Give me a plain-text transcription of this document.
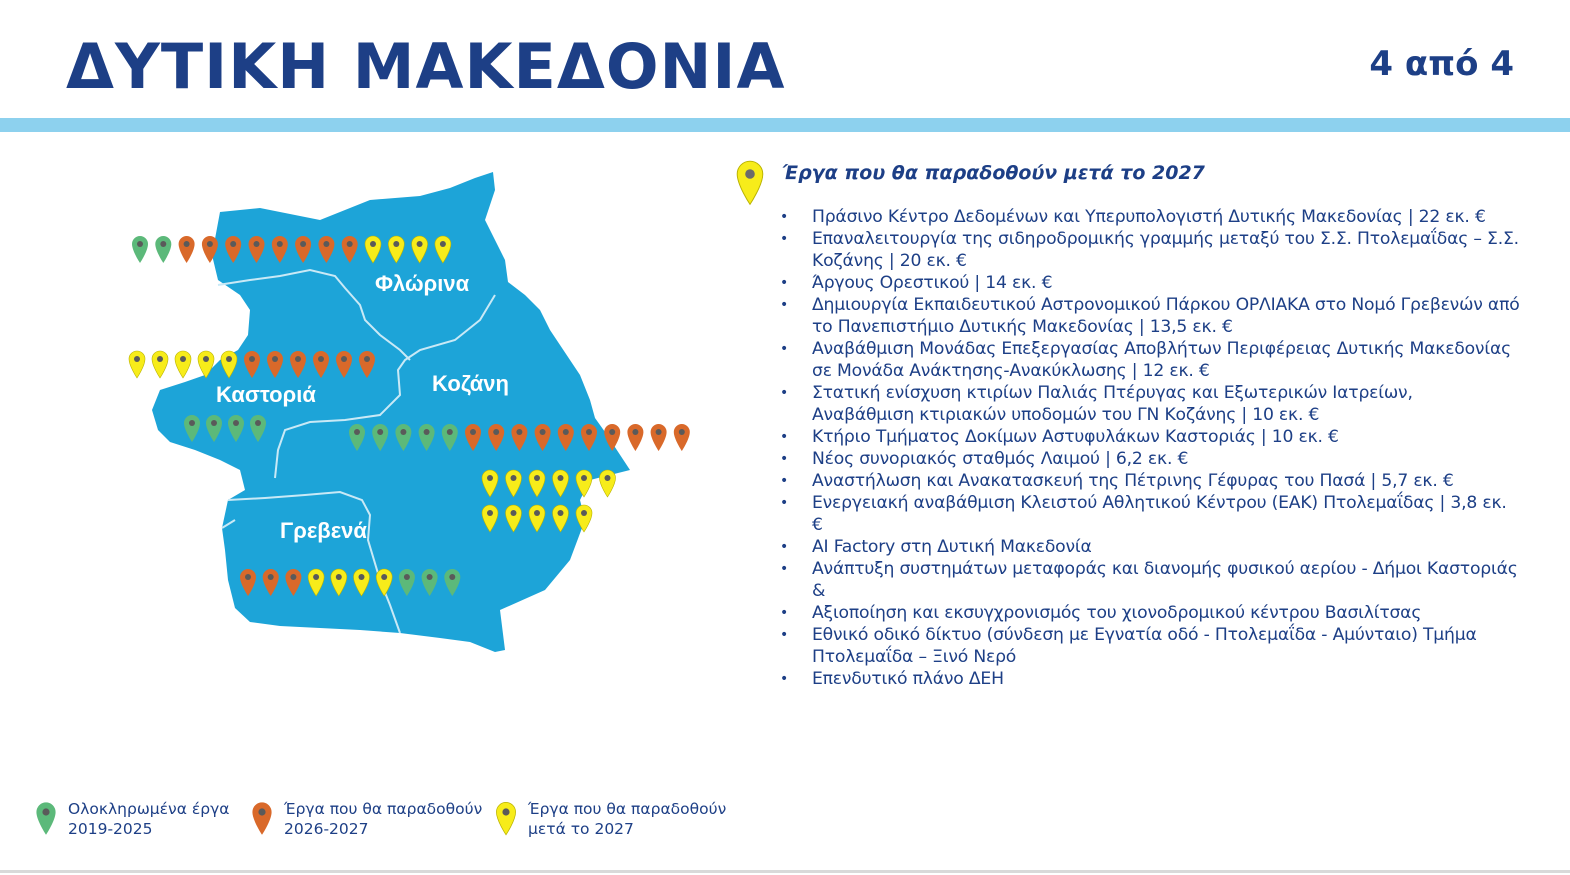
ΔΥΤΙΚΗ ΜΑΚΕΔΟΝΙΑ	4 από 4
Φλώρινα
Καστοριά	Κοζάνη
Γρεβενά
Έργα που θα παραδοθούν μετά το 2027
• Πράσινο Κέντρο Δεδομένων και Υπερυπολογιστή Δυτικής Μακεδονίας | 22 εκ. €
• Επαναλειτουργία της σιδηροδρομικής γραμμής μεταξύ του Σ.Σ. Πτολεμαΐδας – Σ.Σ. Κοζάνης | 20 εκ. €
• Άργους Ορεστικού | 14 εκ. €
• Δημιουργία Εκπαιδευτικού Αστρονομικού Πάρκου ΟΡΛΙΑΚΑ στο Νομό Γρεβενών από το Πανεπιστήμιο Δυτικής Μακεδονίας | 13,5 εκ. €
• Αναβάθμιση Μονάδας Επεξεργασίας Αποβλήτων Περιφέρειας Δυτικής Μακεδονίας σε Μονάδα Ανάκτησης-Ανακύκλωσης | 12 εκ. €
• Στατική ενίσχυση κτιρίων Παλιάς Πτέρυγας και Εξωτερικών Ιατρείων, Αναβάθμιση κτιριακών υποδομών του ΓΝ Κοζάνης | 10 εκ. €
• Κτήριο Τμήματος Δοκίμων Αστυφυλάκων Καστοριάς | 10 εκ. €
• Νέος συνοριακός σταθμός Λαιμού | 6,2 εκ. €
• Αναστήλωση και Ανακατασκευή της Πέτρινης Γέφυρας του Πασά | 5,7 εκ. €
• Ενεργειακή αναβάθμιση Κλειστού Αθλητικού Κέντρου (ΕΑΚ) Πτολεμαΐδας | 3,8 εκ. €
• AI Factory στη Δυτική Μακεδονία
• Ανάπτυξη συστημάτων μεταφοράς και διανομής φυσικού αερίου - Δήμοι Καστοριάς &
• Αξιοποίηση και εκσυγχρονισμός του χιονοδρομικού κέντρου Βασιλίτσας
• Εθνικό οδικό δίκτυο (σύνδεση με Εγνατία οδό - Πτολεμαΐδα - Αμύνταιο) Τμήμα Πτολεμαΐδα – Ξινό Νερό
• Επενδυτικό πλάνο ΔΕΗ
Ολοκληρωμένα έργα
2019-2025
Έργα που θα παραδοθούν
2026-2027
Έργα που θα παραδοθούν
μετά το 2027
